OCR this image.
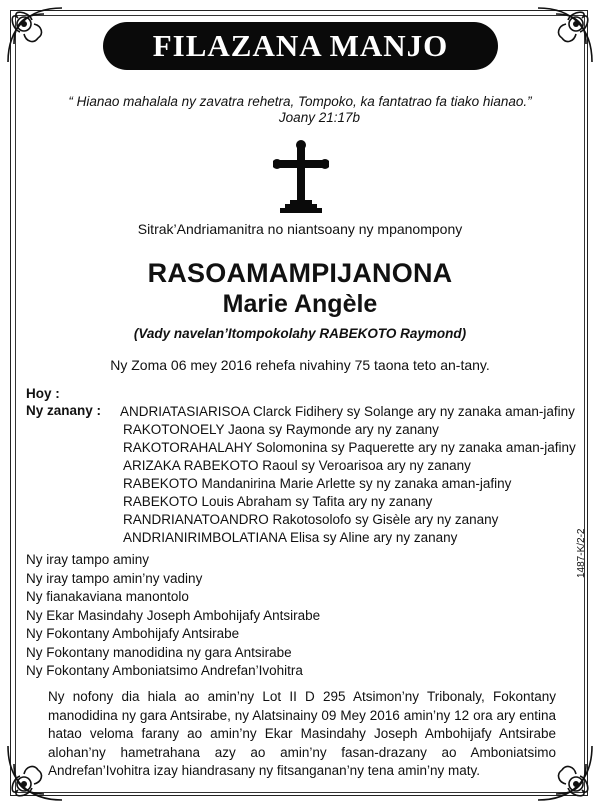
FILAZANA MANJO
“ Hianao mahalala ny zavatra rehetra, Tompoko, ka fantatrao fa tiako hianao.”
Joany 21:17b
Sitrak’Andriamanitra no niantsoany ny mpanompony
RASOAMAMPIJANONA
Marie Angèle
(Vady navelan’Itompokolahy RABEKOTO Raymond)
Ny Zoma 06 mey 2016 rehefa nivahiny 75 taona teto an-tany.
Hoy :
Ny zanany : ANDRIATASIARISOA Clarck Fidihery sy Solange ary ny zanaka aman-jafiny
RAKOTONOELY Jaona sy Raymonde ary ny zanany
RAKOTORAHALAHY Solomonina sy Paquerette ary ny zanaka aman-jafiny
ARIZAKA RABEKOTO Raoul sy Veroarisoa ary ny zanany
RABEKOTO Mandanirina Marie Arlette sy ny zanaka aman-jafiny
RABEKOTO Louis Abraham sy Tafita ary ny zanany
RANDRIANATOANDRO Rakotosolofo sy Gisèle ary ny zanany
ANDRIANIRIMBOLATIANA Elisa sy Aline ary ny zanany
Ny iray tampo aminy
Ny iray tampo amin’ny vadiny
Ny fianakaviana manontolo
Ny Ekar Masindahy Joseph Ambohijafy Antsirabe
Ny Fokontany Ambohijafy Antsirabe
Ny Fokontany manodidina ny gara Antsirabe
Ny Fokontany Amboniatsimo Andrefan’Ivohitra
Ny nofony dia hiala ao amin’ny Lot II D 295 Atsimon’ny Tribonaly, Fokontany manodidina ny gara Antsirabe, ny Alatsinainy 09 Mey 2016 amin’ny 12 ora ary entina hatao veloma farany ao amin’ny Ekar Masindahy Joseph Ambohijafy Antsirabe alohan’ny hametrahana azy ao amin’ny fasan-drazany ao Amboniatsimo Andrefan’Ivohitra izay hiandrasany ny fitsanganan’ny tena amin’ny maty.
1487-K/2-2
